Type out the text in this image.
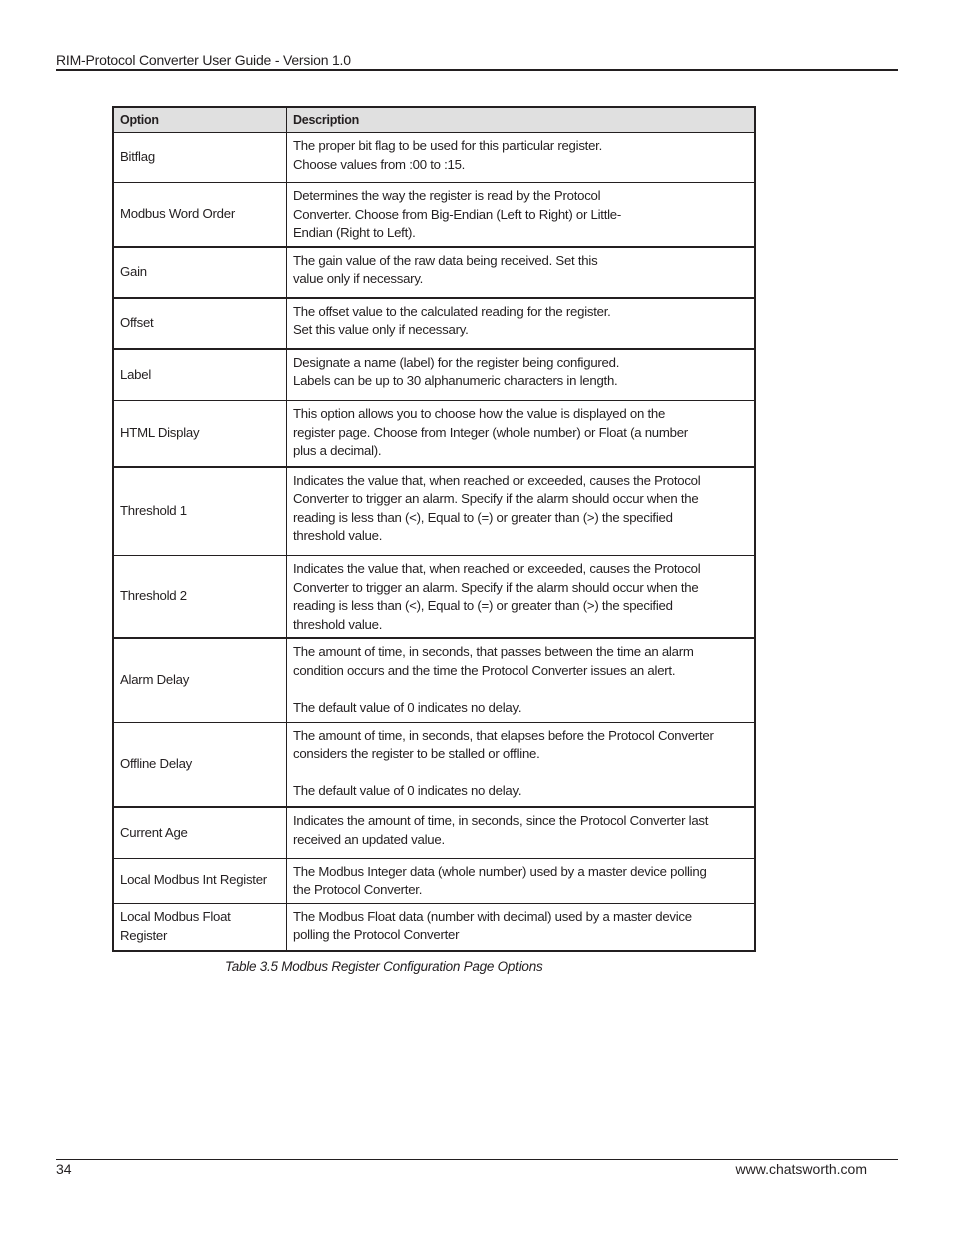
RIM-Protocol Converter User Guide - Version 1.0
Option	Description
Bitflag	The proper bit flag to be used for this particular register.
Choose values from :00 to :15.

Modbus Word Order	Determines the way the register is read by the Protocol
Converter. Choose from Big-Endian (Left to Right) or Little-
Endian (Right to Left).

Gain	The gain value of the raw data being received. Set this
value only if necessary.

Offset	The offset value to the calculated reading for the register.
Set this value only if necessary.

Label	Designate a name (label) for the register being configured.
Labels can be up to 30 alphanumeric characters in length.

HTML Display	This option allows you to choose how the value is displayed on the
register page. Choose from Integer (whole number) or Float (a number
plus a decimal).

Threshold 1	Indicates the value that, when reached or exceeded, causes the Protocol
Converter to trigger an alarm. Specify if the alarm should occur when the
reading is less than (<), Equal to (=) or greater than (>) the specified
threshold value.

Threshold 2	Indicates the value that, when reached or exceeded, causes the Protocol
Converter to trigger an alarm. Specify if the alarm should occur when the
reading is less than (<), Equal to (=) or greater than (>) the specified
threshold value.

Alarm Delay	The amount of time, in seconds, that passes between the time an alarm
condition occurs and the time the Protocol Converter issues an alert.
The default value of 0 indicates no delay.

Offline Delay	The amount of time, in seconds, that elapses before the Protocol Converter
considers the register to be stalled or offline.
The default value of 0 indicates no delay.

Current Age	Indicates the amount of time, in seconds, since the Protocol Converter last
received an updated value.

Local Modbus Int Register	The Modbus Integer data (whole number) used by a master device polling
the Protocol Converter.

Local Modbus Float Register	The Modbus Float data (number with decimal) used by a master device
polling the Protocol Converter
Table 3.5 Modbus Register Configuration Page Options
34	www.chatsworth.com
